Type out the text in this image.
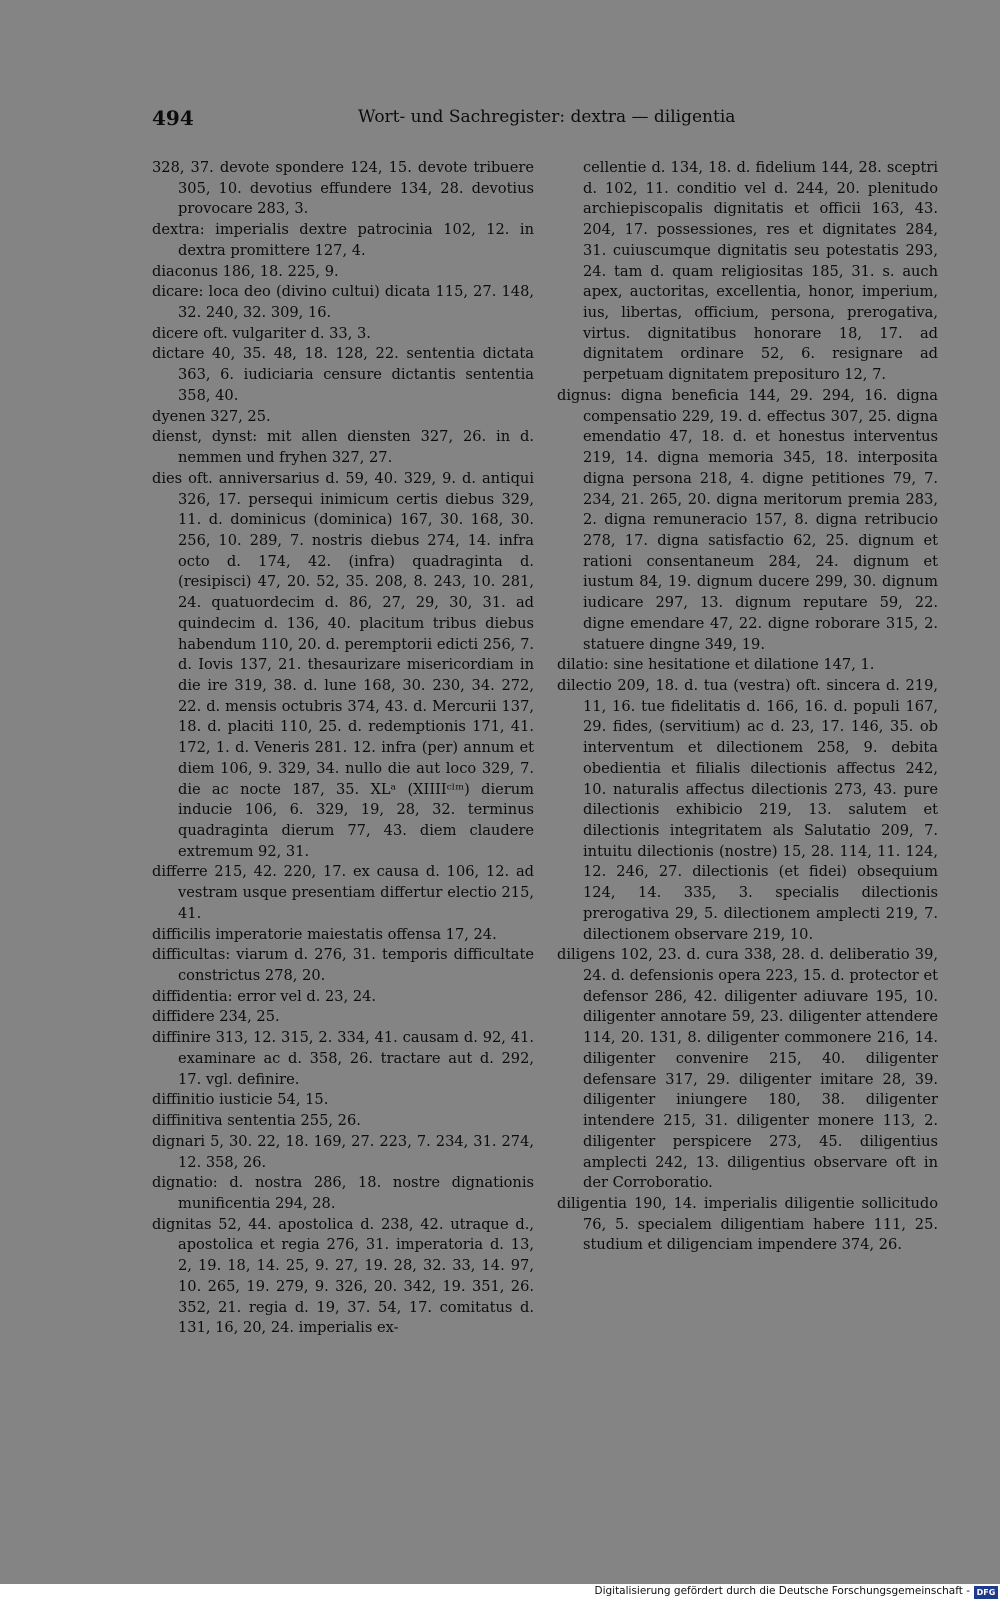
494	Wort- und Sachregister: dextra — diligentia

328, 37. devote spondere 124, 15. devote tribuere 305, 10. devotius effundere 134, 28. devotius provocare 283, 3.

dextra: imperialis dextre patrocinia 102, 12. in dextra promittere 127, 4.

diaconus 186, 18. 225, 9.

dicare: loca deo (divino cultui) dicata 115, 27. 148, 32. 240, 32. 309, 16.

dicere oft. vulgariter d. 33, 3.

dictare 40, 35. 48, 18. 128, 22. sententia dictata 363, 6. iudiciaria censure dictantis sententia 358, 40.

dyenen 327, 25.

dienst, dynst: mit allen diensten 327, 26. in d. nemmen und fryhen 327, 27.

dies oft. anniversarius d. 59, 40. 329, 9. d. antiqui 326, 17. persequi inimicum certis diebus 329, 11. d. dominicus (dominica) 167, 30. 168, 30. 256, 10. 289, 7. nostris diebus 274, 14. infra octo d. 174, 42. (infra) quadraginta d. (resipisci) 47, 20. 52, 35. 208, 8. 243, 10. 281, 24. quatuordecim d. 86, 27, 29, 30, 31. ad quindecim d. 136, 40. placitum tribus diebus habendum 110, 20. d. peremptorii edicti 256, 7. d. Iovis 137, 21. thesaurizare misericordiam in die ire 319, 38. d. lune 168, 30. 230, 34. 272, 22. d. mensis octubris 374, 43. d. Mercurii 137, 18. d. placiti 110, 25. d. redemptionis 171, 41. 172, 1. d. Veneris 281. 12. infra (per) annum et diem 106, 9. 329, 34. nullo die aut loco 329, 7. die ac nocte 187, 35. XLᵃ (XIIIIᶜˡᵐ) dierum inducie 106, 6. 329, 19, 28, 32. terminus quadraginta dierum 77, 43. diem claudere extremum 92, 31.

differre 215, 42. 220, 17. ex causa d. 106, 12. ad vestram usque presentiam differtur electio 215, 41.

difficilis imperatorie maiestatis offensa 17, 24.

difficultas: viarum d. 276, 31. temporis difficultate constrictus 278, 20.

diffidentia: error vel d. 23, 24.

diffidere 234, 25.

diffinire 313, 12. 315, 2. 334, 41. causam d. 92, 41. examinare ac d. 358, 26. tractare aut d. 292, 17. vgl. definire.

diffinitio iusticie 54, 15.

diffinitiva sententia 255, 26.

dignari 5, 30. 22, 18. 169, 27. 223, 7. 234, 31. 274, 12. 358, 26.

dignatio: d. nostra 286, 18. nostre dignationis munificentia 294, 28.

dignitas 52, 44. apostolica d. 238, 42. utraque d., apostolica et regia 276, 31. imperatoria d. 13, 2, 19. 18, 14. 25, 9. 27, 19. 28, 32. 33, 14. 97, 10. 265, 19. 279, 9. 326, 20. 342, 19. 351, 26. 352, 21. regia d. 19, 37. 54, 17. comitatus d. 131, 16, 20, 24. imperialis ex-

cellentie d. 134, 18. d. fidelium 144, 28. sceptri d. 102, 11. conditio vel d. 244, 20. plenitudo archiepiscopalis dignitatis et officii 163, 43. 204, 17. possessiones, res et dignitates 284, 31. cuiuscumque dignitatis seu potestatis 293, 24. tam d. quam religiositas 185, 31. s. auch apex, auctoritas, excellentia, honor, imperium, ius, libertas, officium, persona, prerogativa, virtus. dignitatibus honorare 18, 17. ad dignitatem ordinare 52, 6. resignare ad perpetuam dignitatem preposituro 12, 7.

dignus: digna beneficia 144, 29. 294, 16. digna compensatio 229, 19. d. effectus 307, 25. digna emendatio 47, 18. d. et honestus interventus 219, 14. digna memoria 345, 18. interposita digna persona 218, 4. digne petitiones 79, 7. 234, 21. 265, 20. digna meritorum premia 283, 2. digna remuneracio 157, 8. digna retribucio 278, 17. digna satisfactio 62, 25. dignum et rationi consentaneum 284, 24. dignum et iustum 84, 19. dignum ducere 299, 30. dignum iudicare 297, 13. dignum reputare 59, 22. digne emendare 47, 22. digne roborare 315, 2. statuere dingne 349, 19.

dilatio: sine hesitatione et dilatione 147, 1.

dilectio 209, 18. d. tua (vestra) oft. sincera d. 219, 11, 16. tue fidelitatis d. 166, 16. d. populi 167, 29. fides, (servitium) ac d. 23, 17. 146, 35. ob interventum et dilectionem 258, 9. debita obedientia et filialis dilectionis affectus 242, 10. naturalis affectus dilectionis 273, 43. pure dilectionis exhibicio 219, 13. salutem et dilectionis integritatem als Salutatio 209, 7. intuitu dilectionis (nostre) 15, 28. 114, 11. 124, 12. 246, 27. dilectionis (et fidei) obsequium 124, 14. 335, 3. specialis dilectionis prerogativa 29, 5. dilectionem amplecti 219, 7. dilectionem observare 219, 10.

diligens 102, 23. d. cura 338, 28. d. deliberatio 39, 24. d. defensionis opera 223, 15. d. protector et defensor 286, 42. diligenter adiuvare 195, 10. diligenter annotare 59, 23. diligenter attendere 114, 20. 131, 8. diligenter commonere 216, 14. diligenter convenire 215, 40. diligenter defensare 317, 29. diligenter imitare 28, 39. diligenter iniungere 180, 38. diligenter intendere 215, 31. diligenter monere 113, 2. diligenter perspicere 273, 45. diligentius amplecti 242, 13. diligentius observare oft in der Corroboratio.

diligentia 190, 14. imperialis diligentie sollicitudo 76, 5. specialem diligentiam habere 111, 25. studium et diligenciam impendere 374, 26.

Digitalisierung gefördert durch die Deutsche Forschungsgemeinschaft - DFG
